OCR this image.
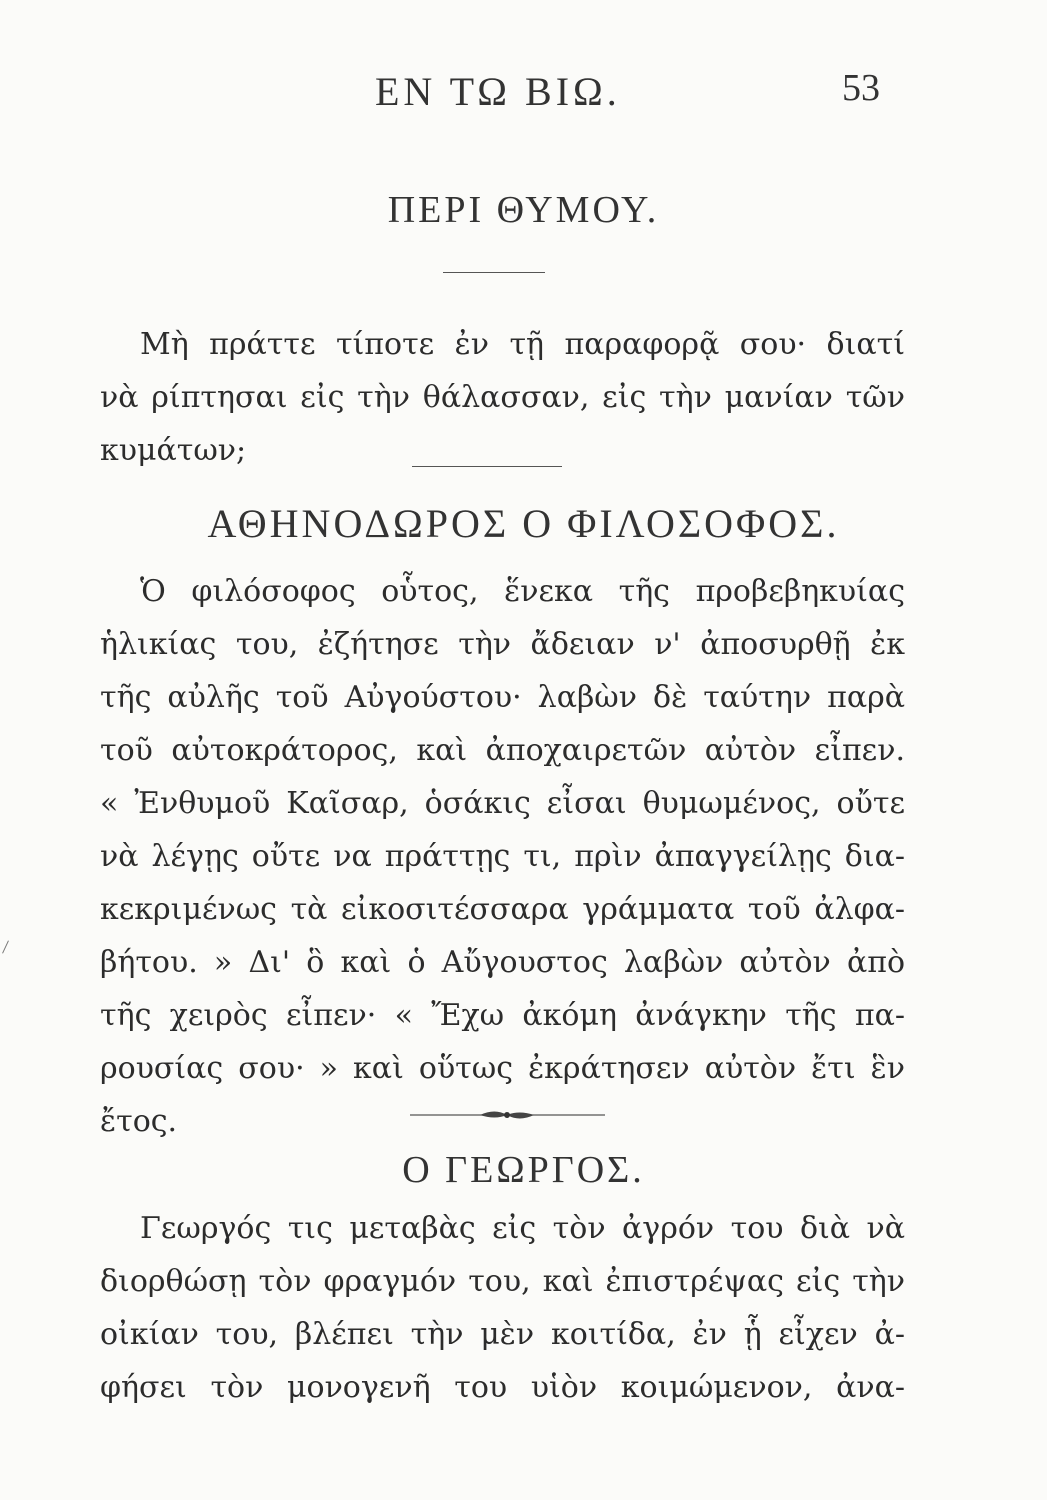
ΕΝ ΤΩ ΒΙΩ.	53
ΠΕΡΙ ΘΥΜΟΥ.
Μὴ πράττε τίποτε ἐν τῇ παραφορᾷ σου· διατί
νὰ ρίπτησαι εἰς τὴν θάλασσαν, εἰς τὴν μανίαν τῶν
κυμάτων;
ΑΘΗΝΟΔΩΡΟΣ Ο ΦΙΛΟΣΟΦΟΣ.
Ὁ φιλόσοφος οὗτος, ἕνεκα τῆς προβεβηκυίας
ἡλικίας του, ἐζήτησε τὴν ἄδειαν ν' ἀποσυρθῇ ἐκ
τῆς αὐλῆς τοῦ Αὐγούστου· λαβὼν δὲ ταύτην παρὰ
τοῦ αὐτοκράτορος, καὶ ἀποχαιρετῶν αὐτὸν εἶπεν.
« Ἐνθυμοῦ Καῖσαρ, ὁσάκις εἶσαι θυμωμένος, οὔτε
νὰ λέγῃς οὔτε να πράττῃς τι, πρὶν ἀπαγγείλῃς δια-
κεκριμένως τὰ εἰκοσιτέσσαρα γράμματα τοῦ ἀλφα-
βήτου. » Δι' ὃ καὶ ὁ Αὔγουστος λαβὼν αὐτὸν ἀπὸ
τῆς χειρὸς εἶπεν· « Ἔχω ἀκόμη ἀνάγκην τῆς πα-
ρουσίας σου· » καὶ οὕτως ἐκράτησεν αὐτὸν ἔτι ἓν
ἔτος.
Ο ΓΕΩΡΓΟΣ.
Γεωργός τις μεταβὰς εἰς τὸν ἀγρόν του διὰ νὰ
διορθώσῃ τὸν φραγμόν του, καὶ ἐπιστρέψας εἰς τὴν
οἰκίαν του, βλέπει τὴν μὲν κοιτίδα, ἐν ᾗ εἶχεν ἀ-
φήσει τὸν μονογενῆ του υἱὸν κοιμώμενον, ἀνα-
